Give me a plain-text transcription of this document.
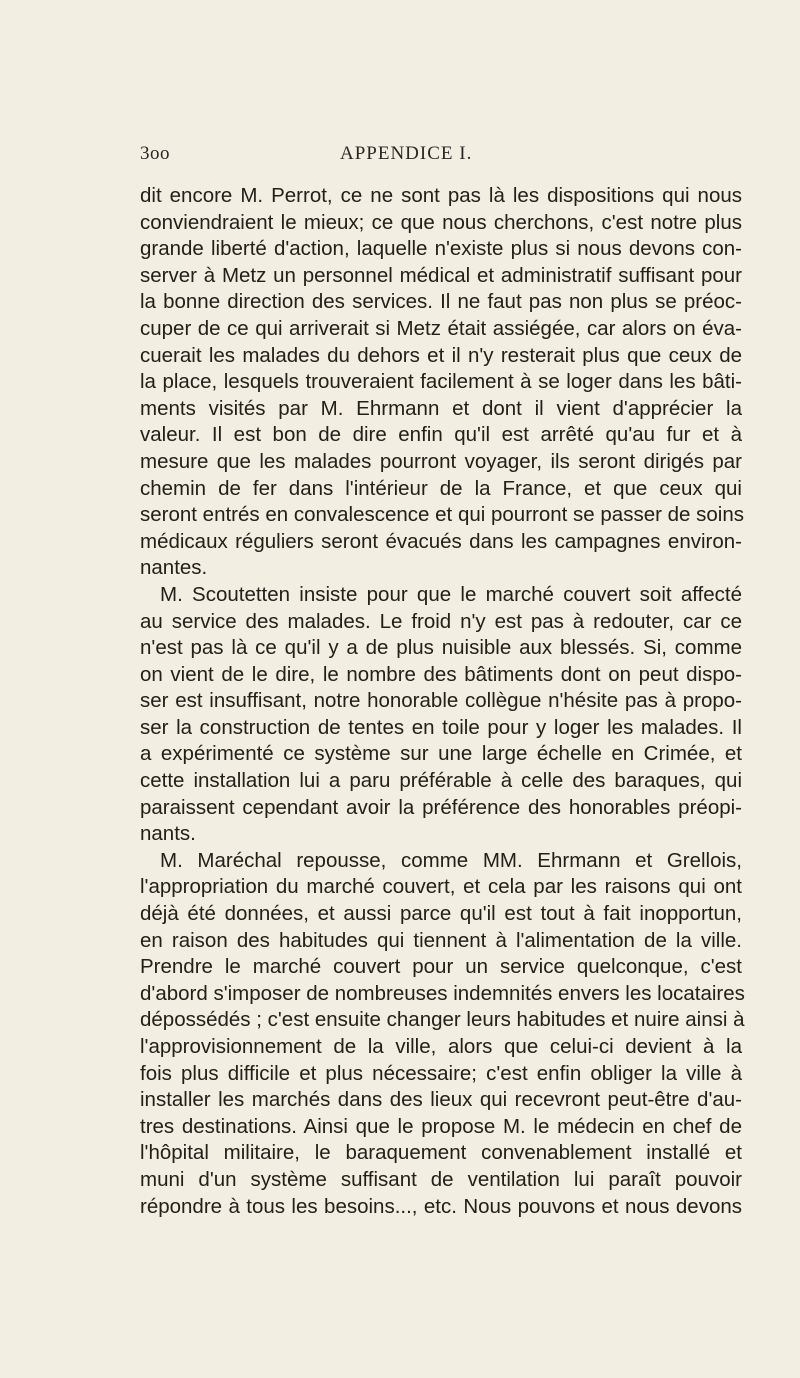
3oo	APPENDICE I.

dit encore M. Perrot, ce ne sont pas là les dispositions qui nous
conviendraient le mieux; ce que nous cherchons, c'est notre plus
grande liberté d'action, laquelle n'existe plus si nous devons con-
server à Metz un personnel médical et administratif suffisant pour
la bonne direction des services. Il ne faut pas non plus se préoc-
cuper de ce qui arriverait si Metz était assiégée, car alors on éva-
cuerait les malades du dehors et il n'y resterait plus que ceux de
la place, lesquels trouveraient facilement à se loger dans les bâti-
ments visités par M. Ehrmann et dont il vient d'apprécier la
valeur. Il est bon de dire enfin qu'il est arrêté qu'au fur et à
mesure que les malades pourront voyager, ils seront dirigés par
chemin de fer dans l'intérieur de la France, et que ceux qui
seront entrés en convalescence et qui pourront se passer de soins
médicaux réguliers seront évacués dans les campagnes environ-
nantes.

M. Scoutetten insiste pour que le marché couvert soit affecté
au service des malades. Le froid n'y est pas à redouter, car ce
n'est pas là ce qu'il y a de plus nuisible aux blessés. Si, comme
on vient de le dire, le nombre des bâtiments dont on peut dispo-
ser est insuffisant, notre honorable collègue n'hésite pas à propo-
ser la construction de tentes en toile pour y loger les malades. Il
a expérimenté ce système sur une large échelle en Crimée, et
cette installation lui a paru préférable à celle des baraques, qui
paraissent cependant avoir la préférence des honorables préopi-
nants.

M. Maréchal repousse, comme MM. Ehrmann et Grellois,
l'appropriation du marché couvert, et cela par les raisons qui ont
déjà été données, et aussi parce qu'il est tout à fait inopportun,
en raison des habitudes qui tiennent à l'alimentation de la ville.
Prendre le marché couvert pour un service quelconque, c'est
d'abord s'imposer de nombreuses indemnités envers les locataires
dépossédés ; c'est ensuite changer leurs habitudes et nuire ainsi à
l'approvisionnement de la ville, alors que celui-ci devient à la
fois plus difficile et plus nécessaire; c'est enfin obliger la ville à
installer les marchés dans des lieux qui recevront peut-être d'au-
tres destinations. Ainsi que le propose M. le médecin en chef de
l'hôpital militaire, le baraquement convenablement installé et
muni d'un système suffisant de ventilation lui paraît pouvoir
répondre à tous les besoins..., etc. Nous pouvons et nous devons
